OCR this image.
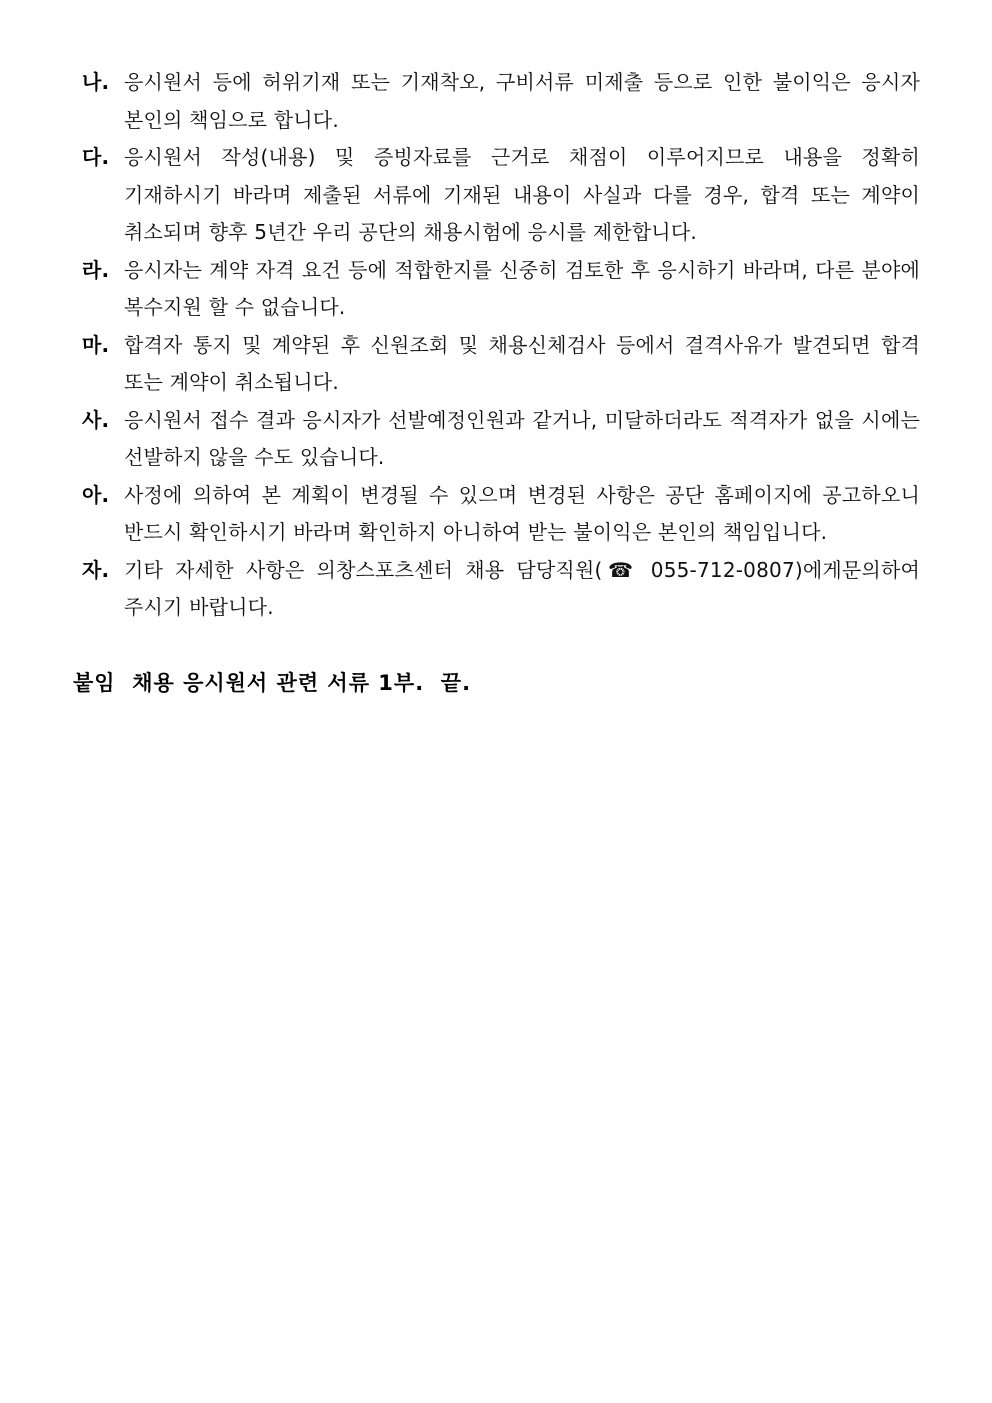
나. 응시원서 등에 허위기재 또는 기재착오, 구비서류 미제출 등으로 인한 불이익은 응시자 본인의 책임으로 합니다.
다. 응시원서 작성(내용) 및 증빙자료를 근거로 채점이 이루어지므로 내용을 정확히 기재하시기 바라며 제출된 서류에 기재된 내용이 사실과 다를 경우, 합격 또는 계약이 취소되며 향후 5년간 우리 공단의 채용시험에 응시를 제한합니다.
라. 응시자는 계약 자격 요건 등에 적합한지를 신중히 검토한 후 응시하기 바라며, 다른 분야에 복수지원 할 수 없습니다.
마. 합격자 통지 및 계약된 후 신원조회 및 채용신체검사 등에서 결격사유가 발견되면 합격 또는 계약이 취소됩니다.
사. 응시원서 접수 결과 응시자가 선발예정인원과 같거나, 미달하더라도 적격자가 없을 시에는 선발하지 않을 수도 있습니다.
아. 사정에 의하여 본 계획이 변경될 수 있으며 변경된 사항은 공단 홈페이지에 공고하오니 반드시 확인하시기 바라며 확인하지 아니하여 받는 불이익은 본인의 책임입니다.
자. 기타 자세한 사항은 의창스포츠센터 채용 담당직원(☎ 055-712-0807)에게문의하여 주시기 바랍니다.
붙임  채용 응시원서 관련 서류 1부.  끝.
